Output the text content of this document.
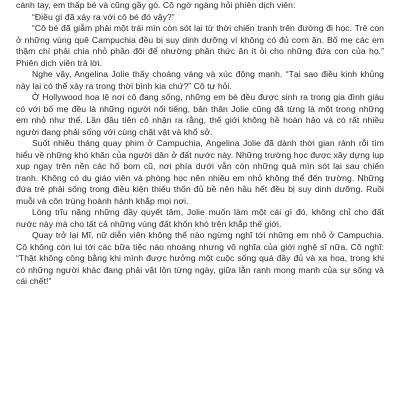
cánh tay, em thấp bé và cũng gầy gò. Cô ngờ ngàng hỏi phiên dịch viên:

“Điều gì đã xảy ra với cô bé đó vậy?”

“Cô bé đã giẫm phải một trái mìn còn sót lại từ thời chiến tranh trên đường đi học. Trẻ con ở những vùng quê Campuchia đều bị suy dinh dưỡng vì không có đủ cơm ăn. Bố mẹ các em thậm chí phải chia nhỏ phần đôi để nhường phần thức ăn ít ỏi cho những đứa con của họ.” Phiên dịch viên trả lời.

Nghe vậy, Angelina Jolie thấy choáng váng và xúc động mạnh. “Tại sao điều kinh khủng này lại có thể xảy ra trong thời bình kia chứ?” Cô tự hỏi.

Ở Hollywood hoa lệ nơi cô đang sống, những em bé đều được sinh ra trong gia đình giàu có với bố mẹ đều là những người nổi tiếng, bản thân Jolie cũng đã từng là một trong những em nhỏ như thế. Lần đầu tiên cô nhận ra rằng, thế giới không hề hoàn hảo và có rất nhiều người đang phải sống với cùng chật vật và khổ sở.

Suốt nhiều tháng quay phim ở Campuchia, Angelina Jolie đã dành thời gian rảnh rỗi tìm hiểu về những khó khăn của người dân ở đất nước này. Những trường học được xây dựng lụp xụp ngay trên nền các hố bom cũ, nơi phía dưới vẫn còn những quả mìn sót lại sau chiến tranh. Không có dụ giáo viên và phòng học nên nhiều em nhỏ không thể đến trường. Những đứa trẻ phải sống trong điều kiện thiếu thốn đủ bề nên hầu hết đều bị suy dinh dưỡng. Ruồi muỗi và côn trùng hoành hành khắp mọi nơi.

Lòng trĩu nặng những đầy quyết tâm, Jolie muốn làm một cái gì đó, không chỉ cho đất nước này mà cho tất cả những vùng đất khốn khó trên khắp thế giới.

Quay trở lại Mĩ, nữ diễn viên không thể nào ngừng nghĩ tới những em nhỏ ở Campuchia. Cô không còn lui tới các bữa tiệc náo nhoáng nhưng vô nghĩa của giới nghệ sĩ nữa. Cô nghĩ: “Thật không công bằng khi mình được hưởng một cuộc sống quá đầy đủ và xa hoa, trong khi có những người khác đang phải vật lộn từng ngày, giữa lằn ranh mong manh của sự sống và cái chết!”
